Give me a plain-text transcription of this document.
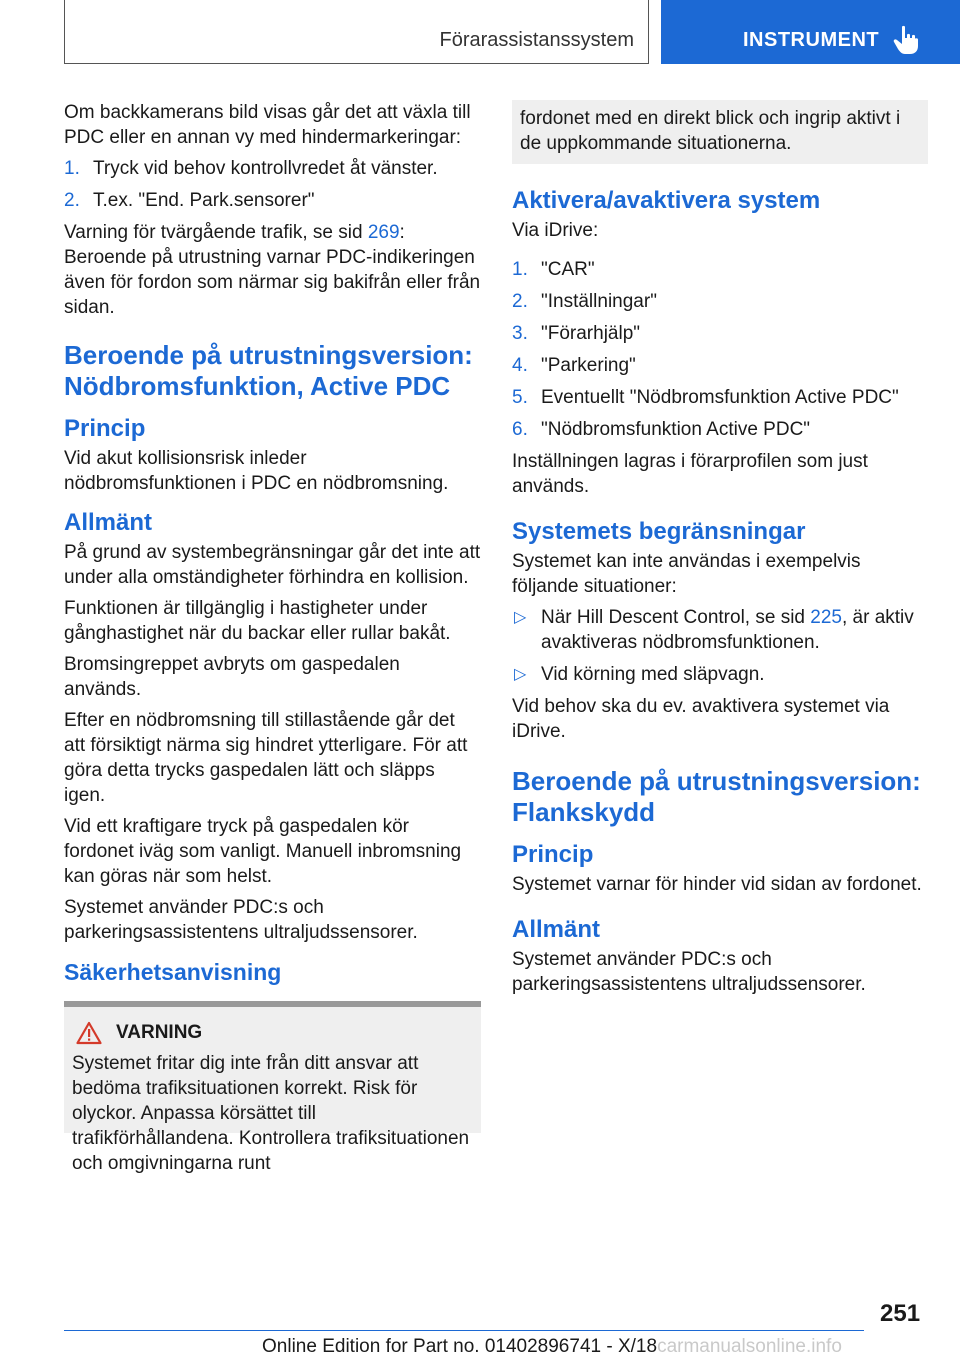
Förarassistanssystem	INSTRUMENT

Om backkamerans bild visas går det att växla till PDC eller en annan vy med hindermarkeringar:

1. Tryck vid behov kontrollvredet åt vänster.
2. T.ex. "End. Park.sensorer"

Varning för tvärgående trafik, se sid 269: Beroende på utrustning varnar PDC-indikeringen även för fordon som närmar sig bakifrån eller från sidan.

Beroende på utrustningsversion: Nödbromsfunktion, Active PDC
Princip

Vid akut kollisionsrisk inleder nödbromsfunktionen i PDC en nödbromsning.

Allmänt

På grund av systembegränsningar går det inte att under alla omständigheter förhindra en kollision.

Funktionen är tillgänglig i hastigheter under gånghastighet när du backar eller rullar bakåt.

Bromsingreppet avbryts om gaspedalen används.

Efter en nödbromsning till stillastående går det att försiktigt närma sig hindret ytterligare. För att göra detta trycks gaspedalen lätt och släpps igen.

Vid ett kraftigare tryck på gaspedalen kör fordonet iväg som vanligt. Manuell inbromsning kan göras när som helst.

Systemet använder PDC:s och parkeringsassistentens ultraljudssensorer.

Säkerhetsanvisning
VARNING

Systemet fritar dig inte från ditt ansvar att bedöma trafiksituationen korrekt. Risk för olyckor. Anpassa körsättet till trafikförhållandena. Kontrollera trafiksituationen och omgivningarna runt

fordonet med en direkt blick och ingrip aktivt i de uppkommande situationerna.

Aktivera/avaktivera system

Via iDrive:

1. "CAR"
2. "Inställningar"
3. "Förarhjälp"
4. "Parkering"
5. Eventuellt "Nödbromsfunktion Active PDC"
6. "Nödbromsfunktion Active PDC"

Inställningen lagras i förarprofilen som just används.

Systemets begränsningar

Systemet kan inte användas i exempelvis följande situationer:

▷ När Hill Descent Control, se sid 225, är aktiv avaktiveras nödbromsfunktionen.
▷ Vid körning med släpvagn.

Vid behov ska du ev. avaktivera systemet via iDrive.

Beroende på utrustningsversion: Flankskydd
Princip

Systemet varnar för hinder vid sidan av fordonet.

Allmänt

Systemet använder PDC:s och parkeringsassistentens ultraljudssensorer.

251
Online Edition for Part no. 01402896741 - X/18carmanualsonline.info
